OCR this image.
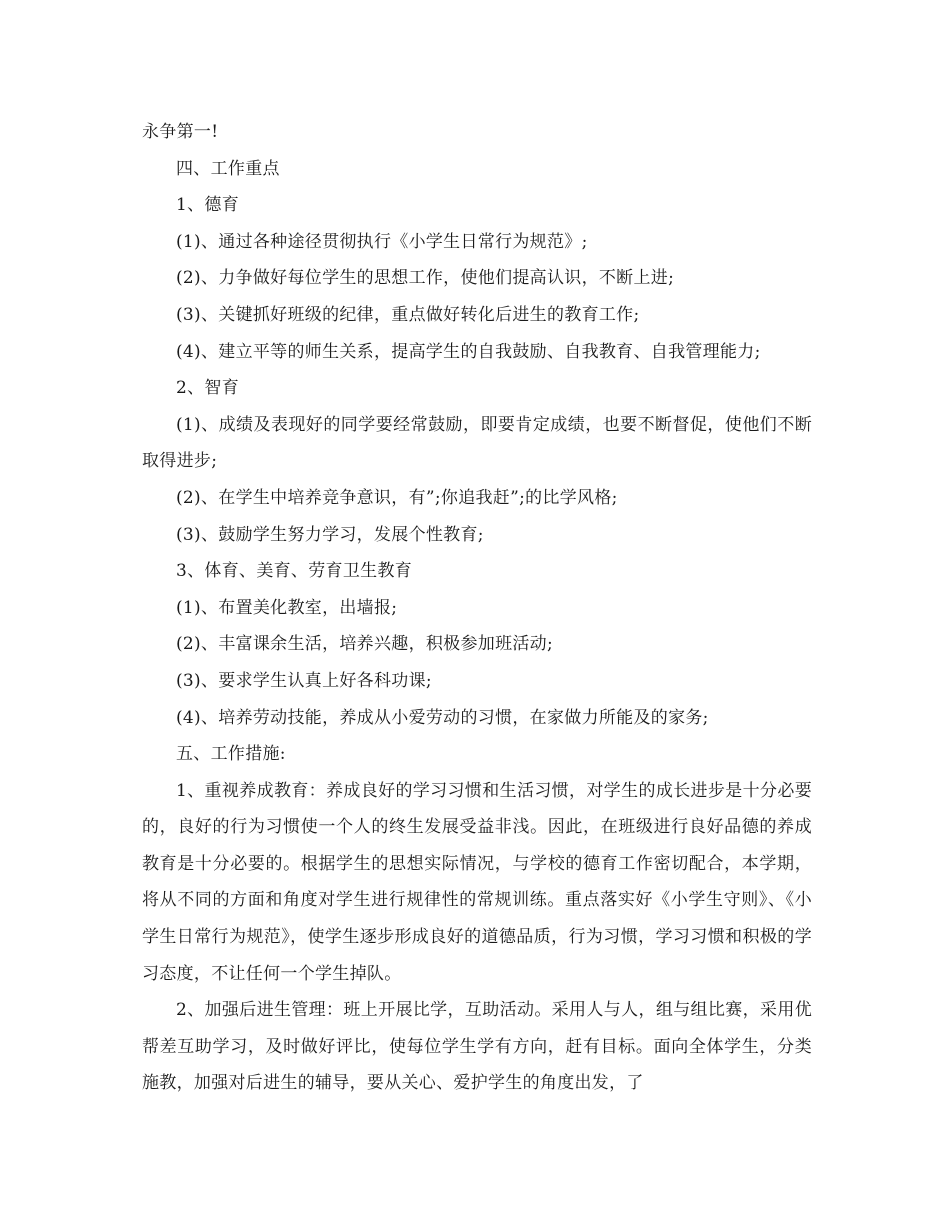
永争第一!

四、工作重点

1、德育

(1)、通过各种途径贯彻执行《小学生日常行为规范》;

(2)、力争做好每位学生的思想工作，使他们提高认识，不断上进;

(3)、关键抓好班级的纪律，重点做好转化后进生的教育工作;

(4)、建立平等的师生关系，提高学生的自我鼓励、自我教育、自我管理能力;

2、智育

(1)、成绩及表现好的同学要经常鼓励，即要肯定成绩，也要不断督促，使他们不断取得进步;

(2)、在学生中培养竞争意识，有”;你追我赶”;的比学风格;

(3)、鼓励学生努力学习，发展个性教育;

3、体育、美育、劳育卫生教育

(1)、布置美化教室，出墙报;

(2)、丰富课余生活，培养兴趣，积极参加班活动;

(3)、要求学生认真上好各科功课;

(4)、培养劳动技能，养成从小爱劳动的习惯，在家做力所能及的家务;

五、工作措施:

1、重视养成教育：养成良好的学习习惯和生活习惯，对学生的成长进步是十分必要的，良好的行为习惯使一个人的终生发展受益非浅。因此，在班级进行良好品德的养成教育是十分必要的。根据学生的思想实际情况，与学校的德育工作密切配合，本学期，将从不同的方面和角度对学生进行规律性的常规训练。重点落实好《小学生守则》、《小学生日常行为规范》，使学生逐步形成良好的道德品质，行为习惯，学习习惯和积极的学习态度，不让任何一个学生掉队。

2、加强后进生管理：班上开展比学，互助活动。采用人与人，组与组比赛，采用优帮差互助学习，及时做好评比，使每位学生学有方向，赶有目标。面向全体学生，分类施教，加强对后进生的辅导，要从关心、爱护学生的角度出发，了
